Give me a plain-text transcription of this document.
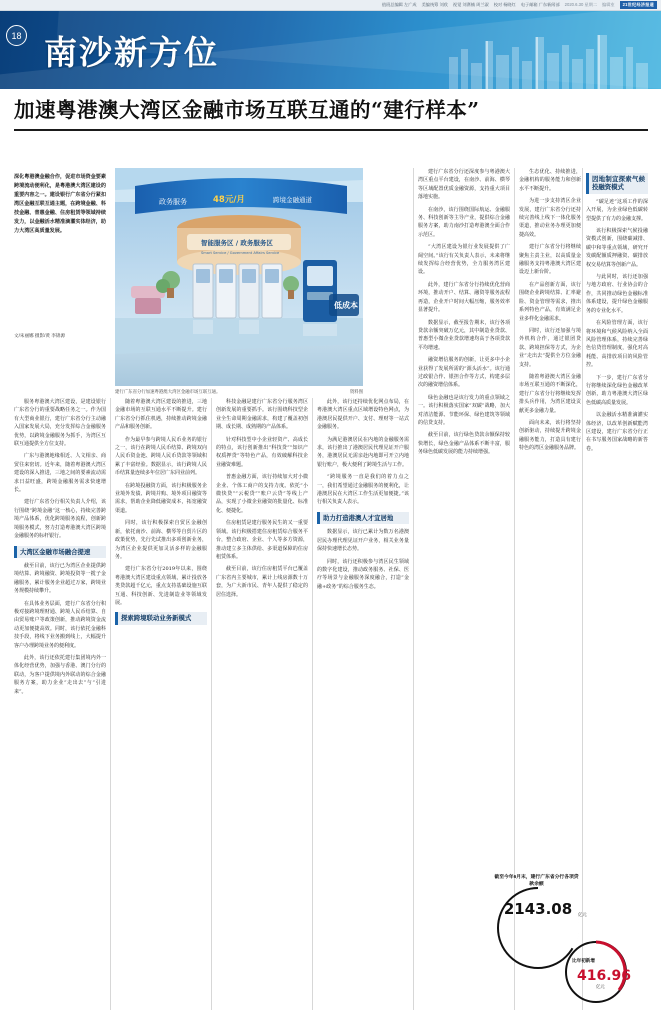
值班总编辑 左广成 美编统筹 刘欣 视觉 刘赛楠 周兰淑 校对 杨晓红 电子邮箱 广东新闻部 2020.6.30 星期二 编辑室	21世纪经济报道
18 南沙新方位
加速粤港澳大湾区金融市场互联互通的“建行样本”
深化粤港澳金融合作，促进市场资金要素跨境流动便利化，是粤港澳大湾区建设的重要内容之一。建设银行广东省分行紧扣湾区金融互联互通主题，在跨境金融、科技金融、普惠金融、住房租赁等领域持续发力，以金融活水精准滴灌实体经济，助力大湾区高质量发展。
文/朱丽娜 摄影/黄 李锦源
政务服务	48元/月	跨境金融通道
智能服务区 / 政务服务区
Smart Service / Government Affairs Service
低成本
建行广东省分行加速粤港澳大湾区金融市场互联互通。	资料图

服务粤港澳大湾区建设，是建设银行广东省分行的重要战略任务之一。作为国有大型商业银行，建行广东省分行主动融入国家发展大局，充分发挥综合金融服务优势，以跨境金融服务为抓手，为湾区互联互通提供全方位支持。

广东与港澳地缘相近、人文相亲、商贸往来密切。近年来，随着粤港澳大湾区建设的深入推进，三地之间的要素流动需求日益旺盛，跨境金融服务需求快速增长。

建行广东省分行相关负责人介绍，该行围绕“跨境金融”这一核心，持续完善跨境产品体系，优化跨境服务流程，创新跨境服务模式，努力打造粤港澳大湾区跨境金融服务的标杆银行。

大湾区金融市场融合提速

截至目前，该行已为湾区企业提供跨境结算、跨境融资、跨境投资等一揽子金融服务，累计服务企业超过万家，跨境业务规模持续攀升。

在具体业务层面，建行广东省分行积极对接跨境理财通、跨境人民币结算、自由贸易账户等政策创新，推动跨境资金流动更加便捷高效。同时，该行依托金融科技手段，将线下业务搬到线上，大幅提升客户办理跨境业务的便利度。

此外，该行还依托建行集团境内外一体化经营优势，加强与香港、澳门分行的联动，为客户提供境内外联动的综合金融服务方案，助力企业“走出去”与“引进来”。

随着粤港澳大湾区建设的推进，三地金融市场的互联互通水平不断提升。建行广东省分行抓住机遇，持续推动跨境金融产品和服务创新。

作为最早参与跨境人民币业务的银行之一，该行在跨境人民币结算、跨境双向人民币资金池、跨境人民币贷款等领域积累了丰富经验。数据显示，该行跨境人民币结算量连续多年位居广东同业前列。

在跨境投融资方面，该行积极服务企业境外发债、跨境并购、境外项目融资等需求，帮助企业降低融资成本，拓宽融资渠道。

同时，该行积极探索自贸区金融创新，依托南沙、前海、横琴等自贸片区的政策优势，先行先试推出多项创新业务，为湾区企业提供更加灵活多样的金融服务。

建行广东省分行2019年以来，围绕粤港澳大湾区建设重点领域，累计投放各类贷款超千亿元，重点支持基础设施互联互通、科技创新、先进制造业等领域发展。

探索跨境联动业务新模式

科技金融是建行广东省分行服务湾区创新发展的重要抓手。该行围绕科技型企业全生命周期金融需求，构建了覆盖初创期、成长期、成熟期的产品体系。

针对科技型中小企业轻资产、高成长的特点，该行创新推出“科技贷”“知识产权质押贷”等特色产品，有效破解科技企业融资难题。

普惠金融方面，该行持续加大对小微企业、个体工商户的支持力度。依托“小微快贷”“云税贷”“账户云贷”等线上产品，实现了小微企业融资的批量化、标准化、便捷化。

住房租赁是建行服务民生的又一重要领域。该行积极搭建住房租赁综合服务平台，整合政府、企业、个人等多方资源，推动建立多主体供给、多渠道保障的住房租赁体系。

截至目前，该行住房租赁平台已覆盖广东省内主要城市，累计上线房源数十万套，为广大新市民、青年人提供了稳定的居住选择。

此外，该行还持续优化网点布局，在粤港澳大湾区重点区域增设特色网点，为港澳居民提供开户、支付、理财等一站式金融服务。

为满足港澳居民在内地的金融服务需求，该行推出了港澳居民代理见证开户服务，港澳居民无需亲赴内地即可开立内地银行账户，极大便利了跨境生活与工作。

“跨境服务一直是我们的着力点之一，我们希望通过金融服务的便利化，让港澳居民在大湾区工作生活更加便捷。”该行相关负责人表示。

助力打造港澳人才宜居地

数据显示，该行已累计为数万名港澳居民办理代理见证开户业务，相关业务量保持快速增长态势。

同时，该行还积极参与湾区民生领域的数字化建设，推动政务服务、社保、医疗等场景与金融服务深度融合，打造“金融+政务”的综合服务生态。

建行广东省分行还深度参与粤港澳大湾区重点平台建设，在南沙、前海、横琴等区域配置优质金融资源，支持重大项目落地实施。

在南沙，该行围绕国际航运、金融服务、科技创新等主导产业，提供综合金融服务方案，助力南沙打造粤港澳全面合作示范区。

“大湾区建设为银行业发展提供了广阔空间。”该行有关负责人表示，未来将继续发挥综合经营优势，全力服务湾区建设。

此外，建行广东省分行持续优化营商环境，推动开户、结算、融资等服务流程再造，企业开户时间大幅压缩，服务效率显著提升。

数据显示，截至报告期末，该行各项贷款余额突破万亿元，其中制造业贷款、普惠型小微企业贷款增速均高于各项贷款平均增速。

融资增信服务的创新，让更多中小企业获得了发展所需的“源头活水”。该行通过政银合作、银担合作等方式，构建多层次的融资增信体系。

绿色金融也是该行发力的重点领域之一。该行积极落实国家“双碳”战略，加大对清洁能源、节能环保、绿色建筑等领域的信贷支持。

截至目前，该行绿色贷款余额保持较快增长，绿色金融产品体系不断丰富，服务绿色低碳发展的能力持续增强。

生态优化、持续推进，金融机构的服务能力和创新水平不断提升。

为进一步支持湾区企业发展，建行广东省分行还持续完善线上线下一体化服务渠道，推动业务办理更加便捷高效。

建行广东省分行将继续聚焦主责主业，以高质量金融服务支持粤港澳大湾区建设迈上新台阶。

在产品创新方面，该行围绕企业跨境结算、汇率避险、资金管理等需求，推出系列特色产品，有效满足企业多样化金融需求。

同时，该行还加强与境外机构合作，通过银团贷款、跨境担保等方式，为企业“走出去”提供全方位金融支持。

随着粤港澳大湾区金融市场互联互通的不断深化，建行广东省分行将继续发挥排头兵作用，为湾区建设贡献更多金融力量。

面向未来，该行将坚持创新驱动，持续提升跨境金融服务能力，打造具有建行特色的湾区金融服务品牌。

因地制宜探索气候投融资模式

“碳足迹”这项工作的深入开展，为企业绿色低碳转型提供了有力的金融支撑。

该行积极探索气候投融资模式创新，围绕碳减排、碳中和等重点领域，研究开发碳配额质押融资、碳排放权交易结算等创新产品。

与此同时，该行还加强与地方政府、行业协会的合作，共同推动绿色金融标准体系建设，提升绿色金融服务的专业化水平。

在风险管理方面，该行将环境和气候风险纳入全面风险管理体系，持续完善绿色信贷管理制度，强化对高耗能、高排放项目的风险管控。

下一步，建行广东省分行将继续深化绿色金融改革创新，助力粤港澳大湾区绿色低碳高质量发展。

以金融活水精准滴灌实体经济，以改革创新赋能湾区建设，建行广东省分行正在书写服务国家战略的新答卷。

截至今年6月末，建行广东省分行各项贷款余额
2143.08	亿元
比年初新增
416.96
亿元
